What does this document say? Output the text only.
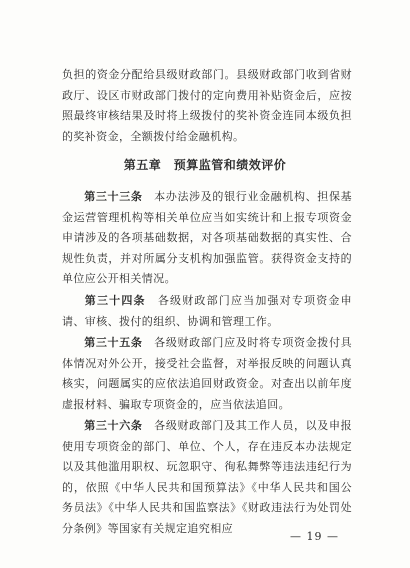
负担的资金分配给县级财政部门。县级财政部门收到省财政厅、设区市财政部门拨付的定向费用补贴资金后，应按照最终审核结果及时将上级拨付的奖补资金连同本级负担的奖补资金，全额拨付给金融机构。
第五章　预算监管和绩效评价
第三十三条　本办法涉及的银行业金融机构、担保基金运营管理机构等相关单位应当如实统计和上报专项资金申请涉及的各项基础数据，对各项基础数据的真实性、合规性负责，并对所属分支机构加强监管。获得资金支持的单位应公开相关情况。
第三十四条　各级财政部门应当加强对专项资金申请、审核、拨付的组织、协调和管理工作。
第三十五条　各级财政部门应及时将专项资金拨付具体情况对外公开，接受社会监督，对举报反映的问题认真核实，问题属实的应依法追回财政资金。对查出以前年度虚报材料、骗取专项资金的，应当依法追回。
第三十六条　各级财政部门及其工作人员，以及申报使用专项资金的部门、单位、个人，存在违反本办法规定以及其他滥用职权、玩忽职守、徇私舞弊等违法违纪行为的，依照《中华人民共和国预算法》《中华人民共和国公务员法》《中华人民共和国监察法》《财政违法行为处罚处分条例》等国家有关规定追究相应
— 19 —
